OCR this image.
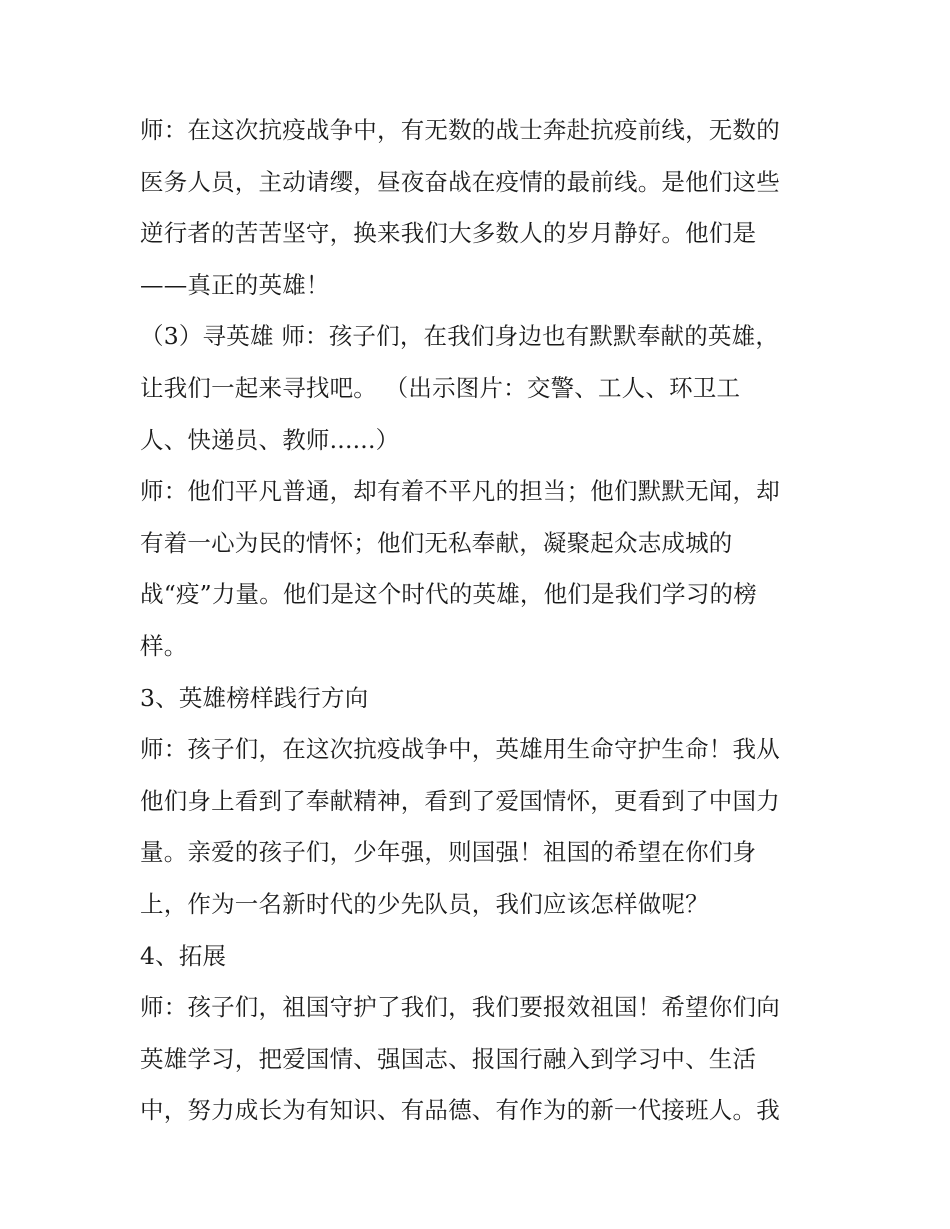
师：在这次抗疫战争中，有无数的战士奔赴抗疫前线，无数的
医务人员，主动请缨，昼夜奋战在疫情的最前线。是他们这些
逆行者的苦苦坚守，换来我们大多数人的岁月静好。他们是
——真正的英雄！
（3）寻英雄 师：孩子们，在我们身边也有默默奉献的英雄，
让我们一起来寻找吧。 （出示图片：交警、工人、环卫工
人、快递员、教师......）
师：他们平凡普通，却有着不平凡的担当；他们默默无闻，却
有着一心为民的情怀；他们无私奉献，凝聚起众志成城的
战“疫”力量。他们是这个时代的英雄，他们是我们学习的榜
样。
3、英雄榜样践行方向
师：孩子们，在这次抗疫战争中，英雄用生命守护生命！我从
他们身上看到了奉献精神，看到了爱国情怀，更看到了中国力
量。亲爱的孩子们，少年强，则国强！祖国的希望在你们身
上，作为一名新时代的少先队员，我们应该怎样做呢？
4、拓展
师：孩子们，祖国守护了我们，我们要报效祖国！希望你们向
英雄学习，把爱国情、强国志、报国行融入到学习中、生活
中，努力成长为有知识、有品德、有作为的新一代接班人。我
